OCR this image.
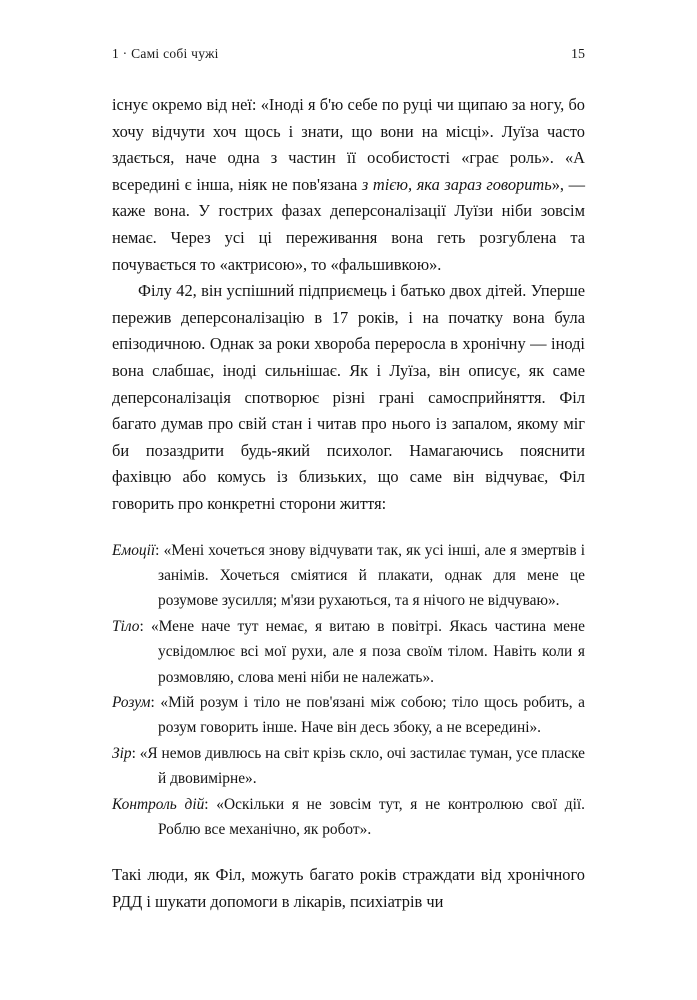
1 · Самі собі чужі	15

існує окремо від неї: «Іноді я б'ю себе по руці чи щипаю за ногу, бо хочу відчути хоч щось і знати, що вони на місці». Луїза часто здається, наче одна з частин її особистості «грає роль». «А всередині є інша, ніяк не пов'язана з тією, яка зараз говорить», — каже вона. У гострих фазах деперсоналізації Луїзи ніби зовсім немає. Через усі ці переживання вона геть розгублена та почувається то «актрисою», то «фальшивкою».

Філу 42, він успішний підприємець і батько двох дітей. Уперше пережив деперсоналізацію в 17 років, і на початку вона була епізодичною. Однак за роки хвороба переросла в хронічну — іноді вона слабшає, іноді сильнішає. Як і Луїза, він описує, як саме деперсоналізація спотворює різні грані самосприйняття. Філ багато думав про свій стан і читав про нього із запалом, якому міг би позаздрити будь-який психолог. Намагаючись пояснити фахівцю або комусь із близьких, що саме він відчуває, Філ говорить про конкретні сторони життя:

Емоції: «Мені хочеться знову відчувати так, як усі інші, але я змертвів і занімів. Хочеться сміятися й плакати, однак для мене це розумове зусилля; м'язи рухаються, та я нічого не відчуваю».

Тіло: «Мене наче тут немає, я витаю в повітрі. Якась частина мене усвідомлює всі мої рухи, але я поза своїм тілом. Навіть коли я розмовляю, слова мені ніби не належать».

Розум: «Мій розум і тіло не пов'язані між собою; тіло щось робить, а розум говорить інше. Наче він десь збоку, а не всередині».

Зір: «Я немов дивлюсь на світ крізь скло, очі застилає туман, усе пласке й двовимірне».

Контроль дій: «Оскільки я не зовсім тут, я не контролюю свої дії. Роблю все механічно, як робот».

Такі люди, як Філ, можуть багато років страждати від хронічного РДД і шукати допомоги в лікарів, психіатрів чи
